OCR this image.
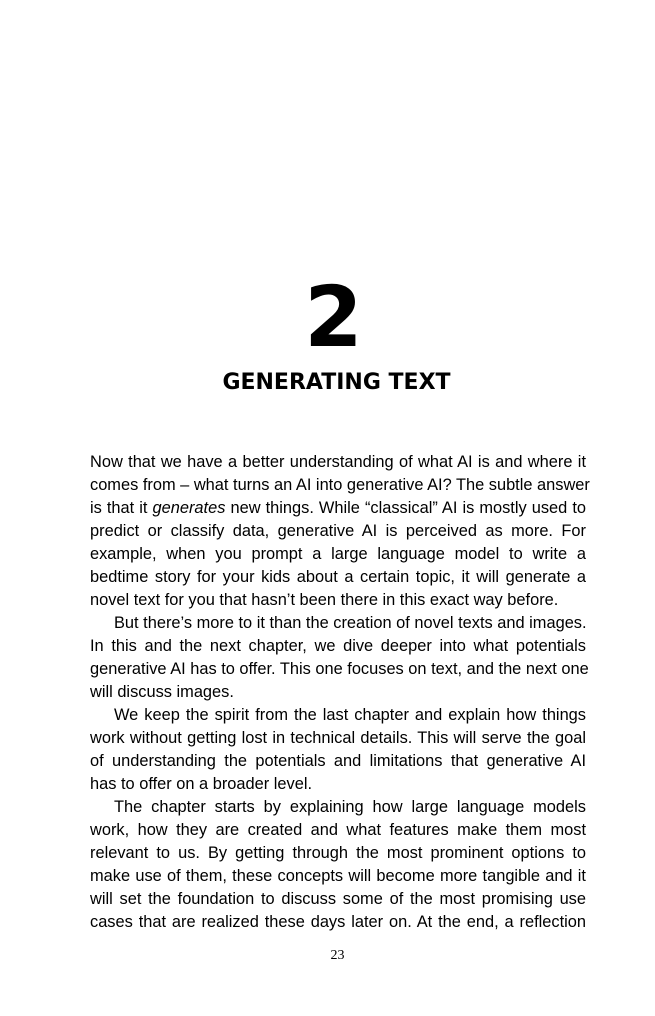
2
GENERATING TEXT
Now that we have a better understanding of what AI is and where it
comes from – what turns an AI into generative AI? The subtle answer
is that it generates new things. While “classical” AI is mostly used to
predict or classify data, generative AI is perceived as more. For
example, when you prompt a large language model to write a
bedtime story for your kids about a certain topic, it will generate a
novel text for you that hasn’t been there in this exact way before.
But there’s more to it than the creation of novel texts and images.
In this and the next chapter, we dive deeper into what potentials
generative AI has to offer. This one focuses on text, and the next one
will discuss images.
We keep the spirit from the last chapter and explain how things
work without getting lost in technical details. This will serve the goal
of understanding the potentials and limitations that generative AI
has to offer on a broader level.
The chapter starts by explaining how large language models
work, how they are created and what features make them most
relevant to us. By getting through the most prominent options to
make use of them, these concepts will become more tangible and it
will set the foundation to discuss some of the most promising use
cases that are realized these days later on. At the end, a reflection
23
